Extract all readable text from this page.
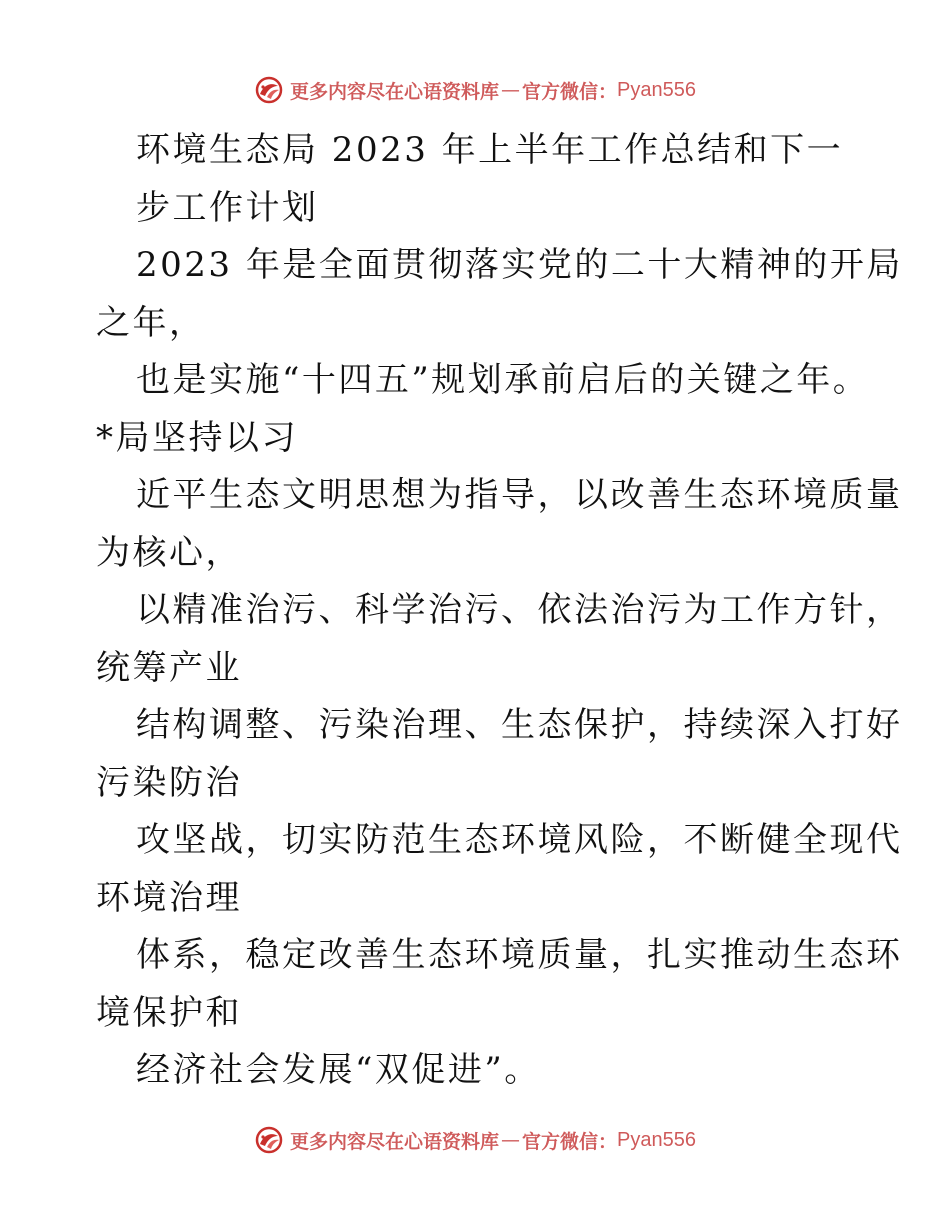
更多内容尽在心语资料库 — 官方微信： Pyan556
环境生态局 2023 年上半年工作总结和下一
步工作计划
2023 年是全面贯彻落实党的二十大精神的开局
之年，
也是实施“十四五”规划承前启后的关键之年。
*局坚持以习
近平生态文明思想为指导，以改善生态环境质量
为核心，
以精准治污、科学治污、依法治污为工作方针，
统筹产业
结构调整、污染治理、生态保护，持续深入打好
污染防治
攻坚战，切实防范生态环境风险，不断健全现代
环境治理
体系，稳定改善生态环境质量，扎实推动生态环
境保护和
经济社会发展“双促进”。
更多内容尽在心语资料库 — 官方微信： Pyan556
